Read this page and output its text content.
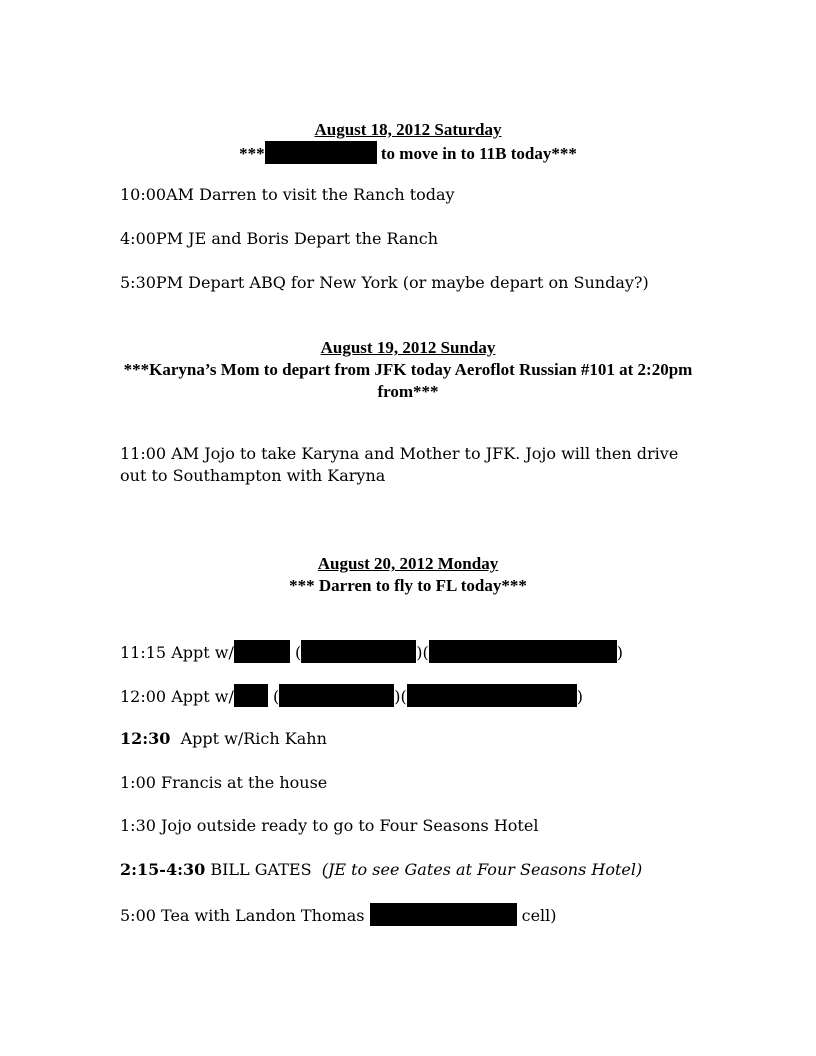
August 18, 2012 Saturday
***	to move in to 11B today***
10:00AM Darren to visit the Ranch today
4:00PM JE and Boris Depart the Ranch
5:30PM Depart ABQ for New York (or maybe depart on Sunday?)
August 19, 2012 Sunday
***Karyna’s Mom to depart from JFK today Aeroflot Russian #101 at 2:20pm from***
11:00 AM Jojo to take Karyna and Mother to JFK. Jojo will then drive out to Southampton with Karyna
August 20, 2012 Monday
*** Darren to fly to FL today***
11:15 Appt w/	(	)(	)
12:00 Appt w/ (	)(	)
12:30  Appt w/Rich Kahn
1:00 Francis at the house
1:30 Jojo outside ready to go to Four Seasons Hotel
2:15-4:30 BILL GATES  (JE to see Gates at Four Seasons Hotel)
5:00 Tea with Landon Thomas	cell)
